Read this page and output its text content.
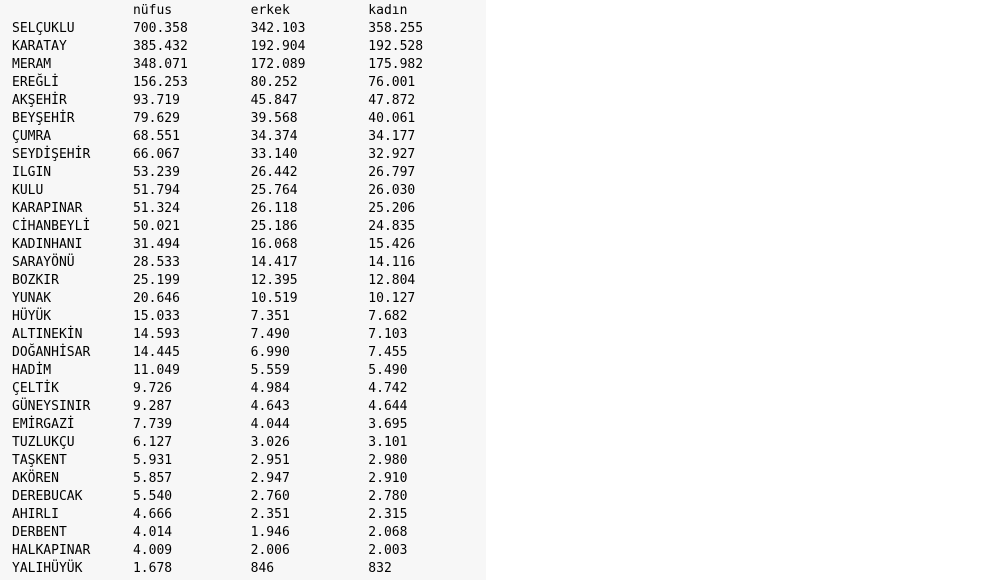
	nüfus	erkek	kadın
SELÇUKLU	700.358	342.103	358.255
KARATAY	385.432	192.904	192.528
MERAM	348.071	172.089	175.982
EREĞLİ	156.253	80.252	76.001
AKŞEHİR	93.719	45.847	47.872
BEYŞEHİR	79.629	39.568	40.061
ÇUMRA	68.551	34.374	34.177
SEYDİŞEHİR	66.067	33.140	32.927
ILGIN	53.239	26.442	26.797
KULU	51.794	25.764	26.030
KARAPINAR	51.324	26.118	25.206
CİHANBEYLİ	50.021	25.186	24.835
KADINHANI	31.494	16.068	15.426
SARAYÖNÜ	28.533	14.417	14.116
BOZKIR	25.199	12.395	12.804
YUNAK	20.646	10.519	10.127
HÜYÜK	15.033	7.351	7.682
ALTINEKİN	14.593	7.490	7.103
DOĞANHİSAR	14.445	6.990	7.455
HADİM	11.049	5.559	5.490
ÇELTİK	9.726	4.984	4.742
GÜNEYSINIR	9.287	4.643	4.644
EMİRGAZİ	7.739	4.044	3.695
TUZLUKÇU	6.127	3.026	3.101
TAŞKENT	5.931	2.951	2.980
AKÖREN	5.857	2.947	2.910
DEREBUCAK	5.540	2.760	2.780
AHIRLI	4.666	2.351	2.315
DERBENT	4.014	1.946	2.068
HALKAPINAR	4.009	2.006	2.003
YALIHÜYÜK	1.678	846	832
